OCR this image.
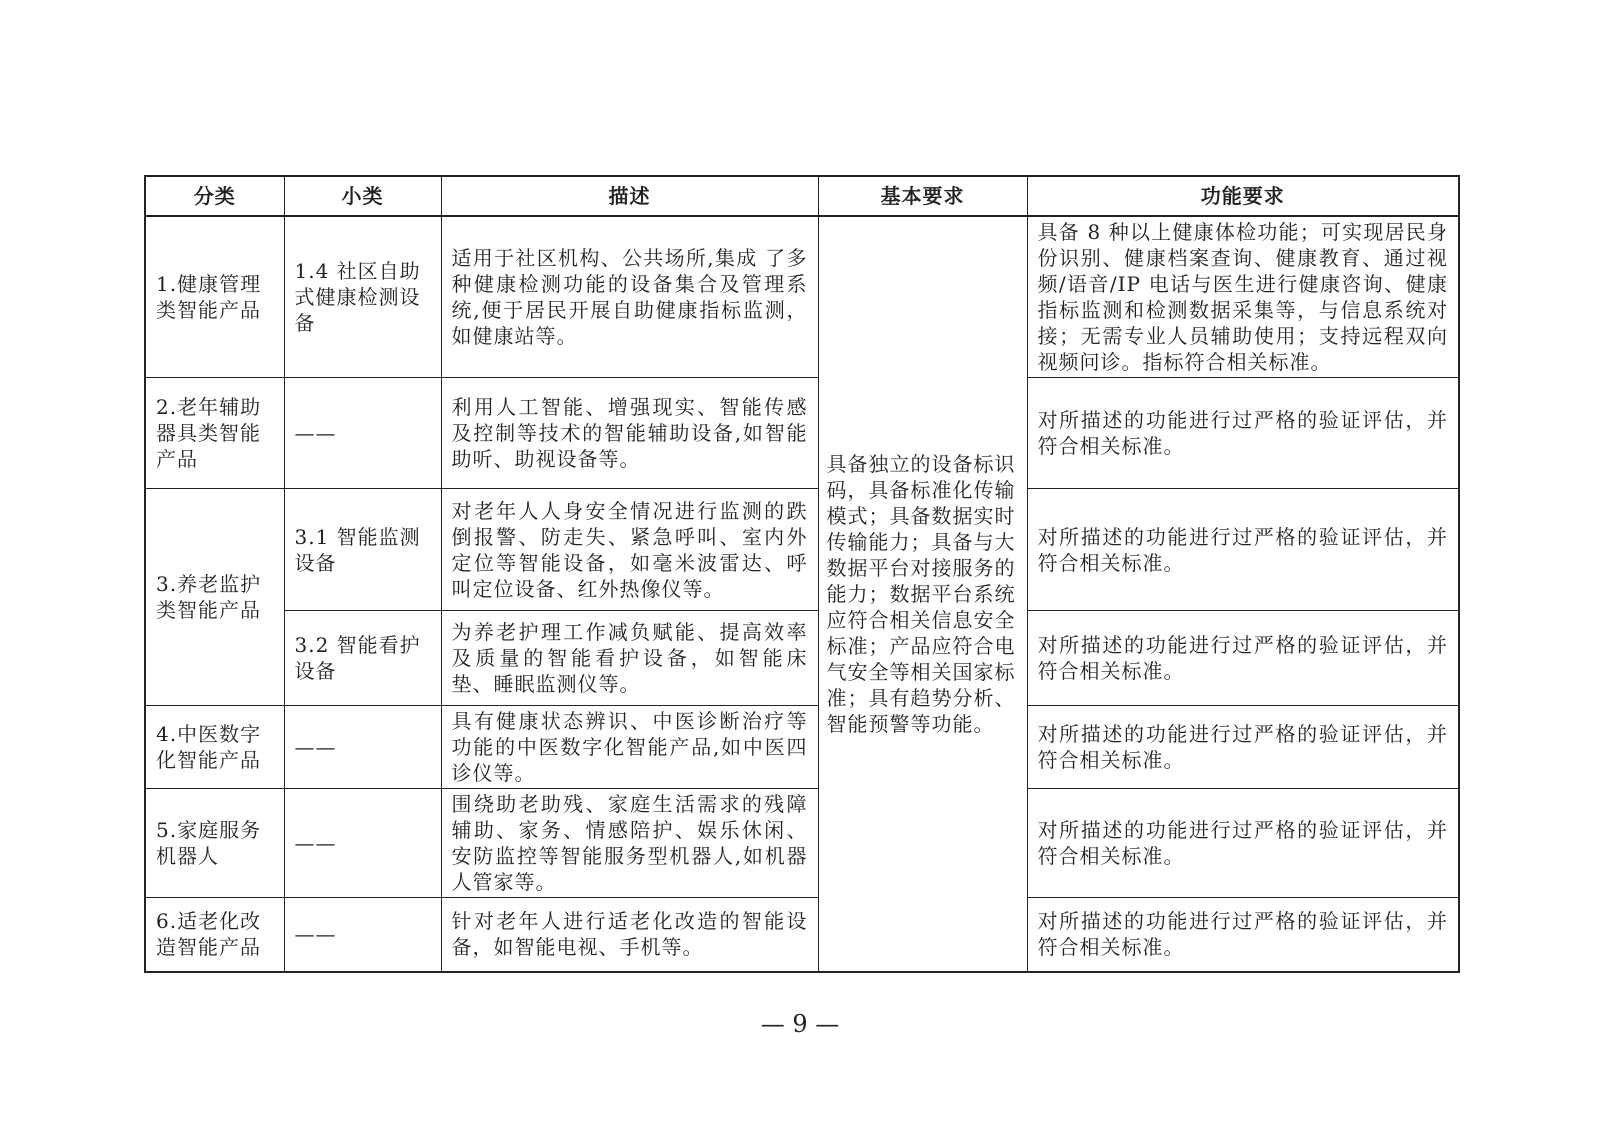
分类	小类	描述	基本要求	功能要求
1.健康管理类智能产品	1.4 社区自助式健康检测设备	适用于社区机构、公共场所,集成 了多种健康检测功能的设备集合及管理系统,便于居民开展自助健康指标监测，如健康站等。	具备独立的设备标识码，具备标准化传输模式；具备数据实时传输能力；具备与大数据平台对接服务的能力；数据平台系统应符合相关信息安全标准；产品应符合电气安全等相关国家标准；具有趋势分析、智能预警等功能。	具备 8 种以上健康体检功能；可实现居民身份识别、健康档案查询、健康教育、通过视频/语音/IP 电话与医生进行健康咨询、健康指标监测和检测数据采集等，与信息系统对接；无需专业人员辅助使用；支持远程双向视频问诊。指标符合相关标准。
2.老年辅助器具类智能产品	——	利用人工智能、增强现实、智能传感及控制等技术的智能辅助设备,如智能助听、助视设备等。		对所描述的功能进行过严格的验证评估，并符合相关标准。
3.养老监护类智能产品	3.1 智能监测设备	对老年人人身安全情况进行监测的跌倒报警、防走失、紧急呼叫、室内外定位等智能设备，如毫米波雷达、呼叫定位设备、红外热像仪等。		对所描述的功能进行过严格的验证评估，并符合相关标准。
	3.2 智能看护设备	为养老护理工作减负赋能、提高效率及质量的智能看护设备，如智能床垫、睡眠监测仪等。		对所描述的功能进行过严格的验证评估，并符合相关标准。
4.中医数字化智能产品	——	具有健康状态辨识、中医诊断治疗等功能的中医数字化智能产品,如中医四诊仪等。		对所描述的功能进行过严格的验证评估，并符合相关标准。
5.家庭服务机器人	——	围绕助老助残、家庭生活需求的残障辅助、家务、情感陪护、娱乐休闲、安防监控等智能服务型机器人,如机器人管家等。		对所描述的功能进行过严格的验证评估，并符合相关标准。
6.适老化改造智能产品	——	针对老年人进行适老化改造的智能设备，如智能电视、手机等。		对所描述的功能进行过严格的验证评估，并符合相关标准。
— 9 —
